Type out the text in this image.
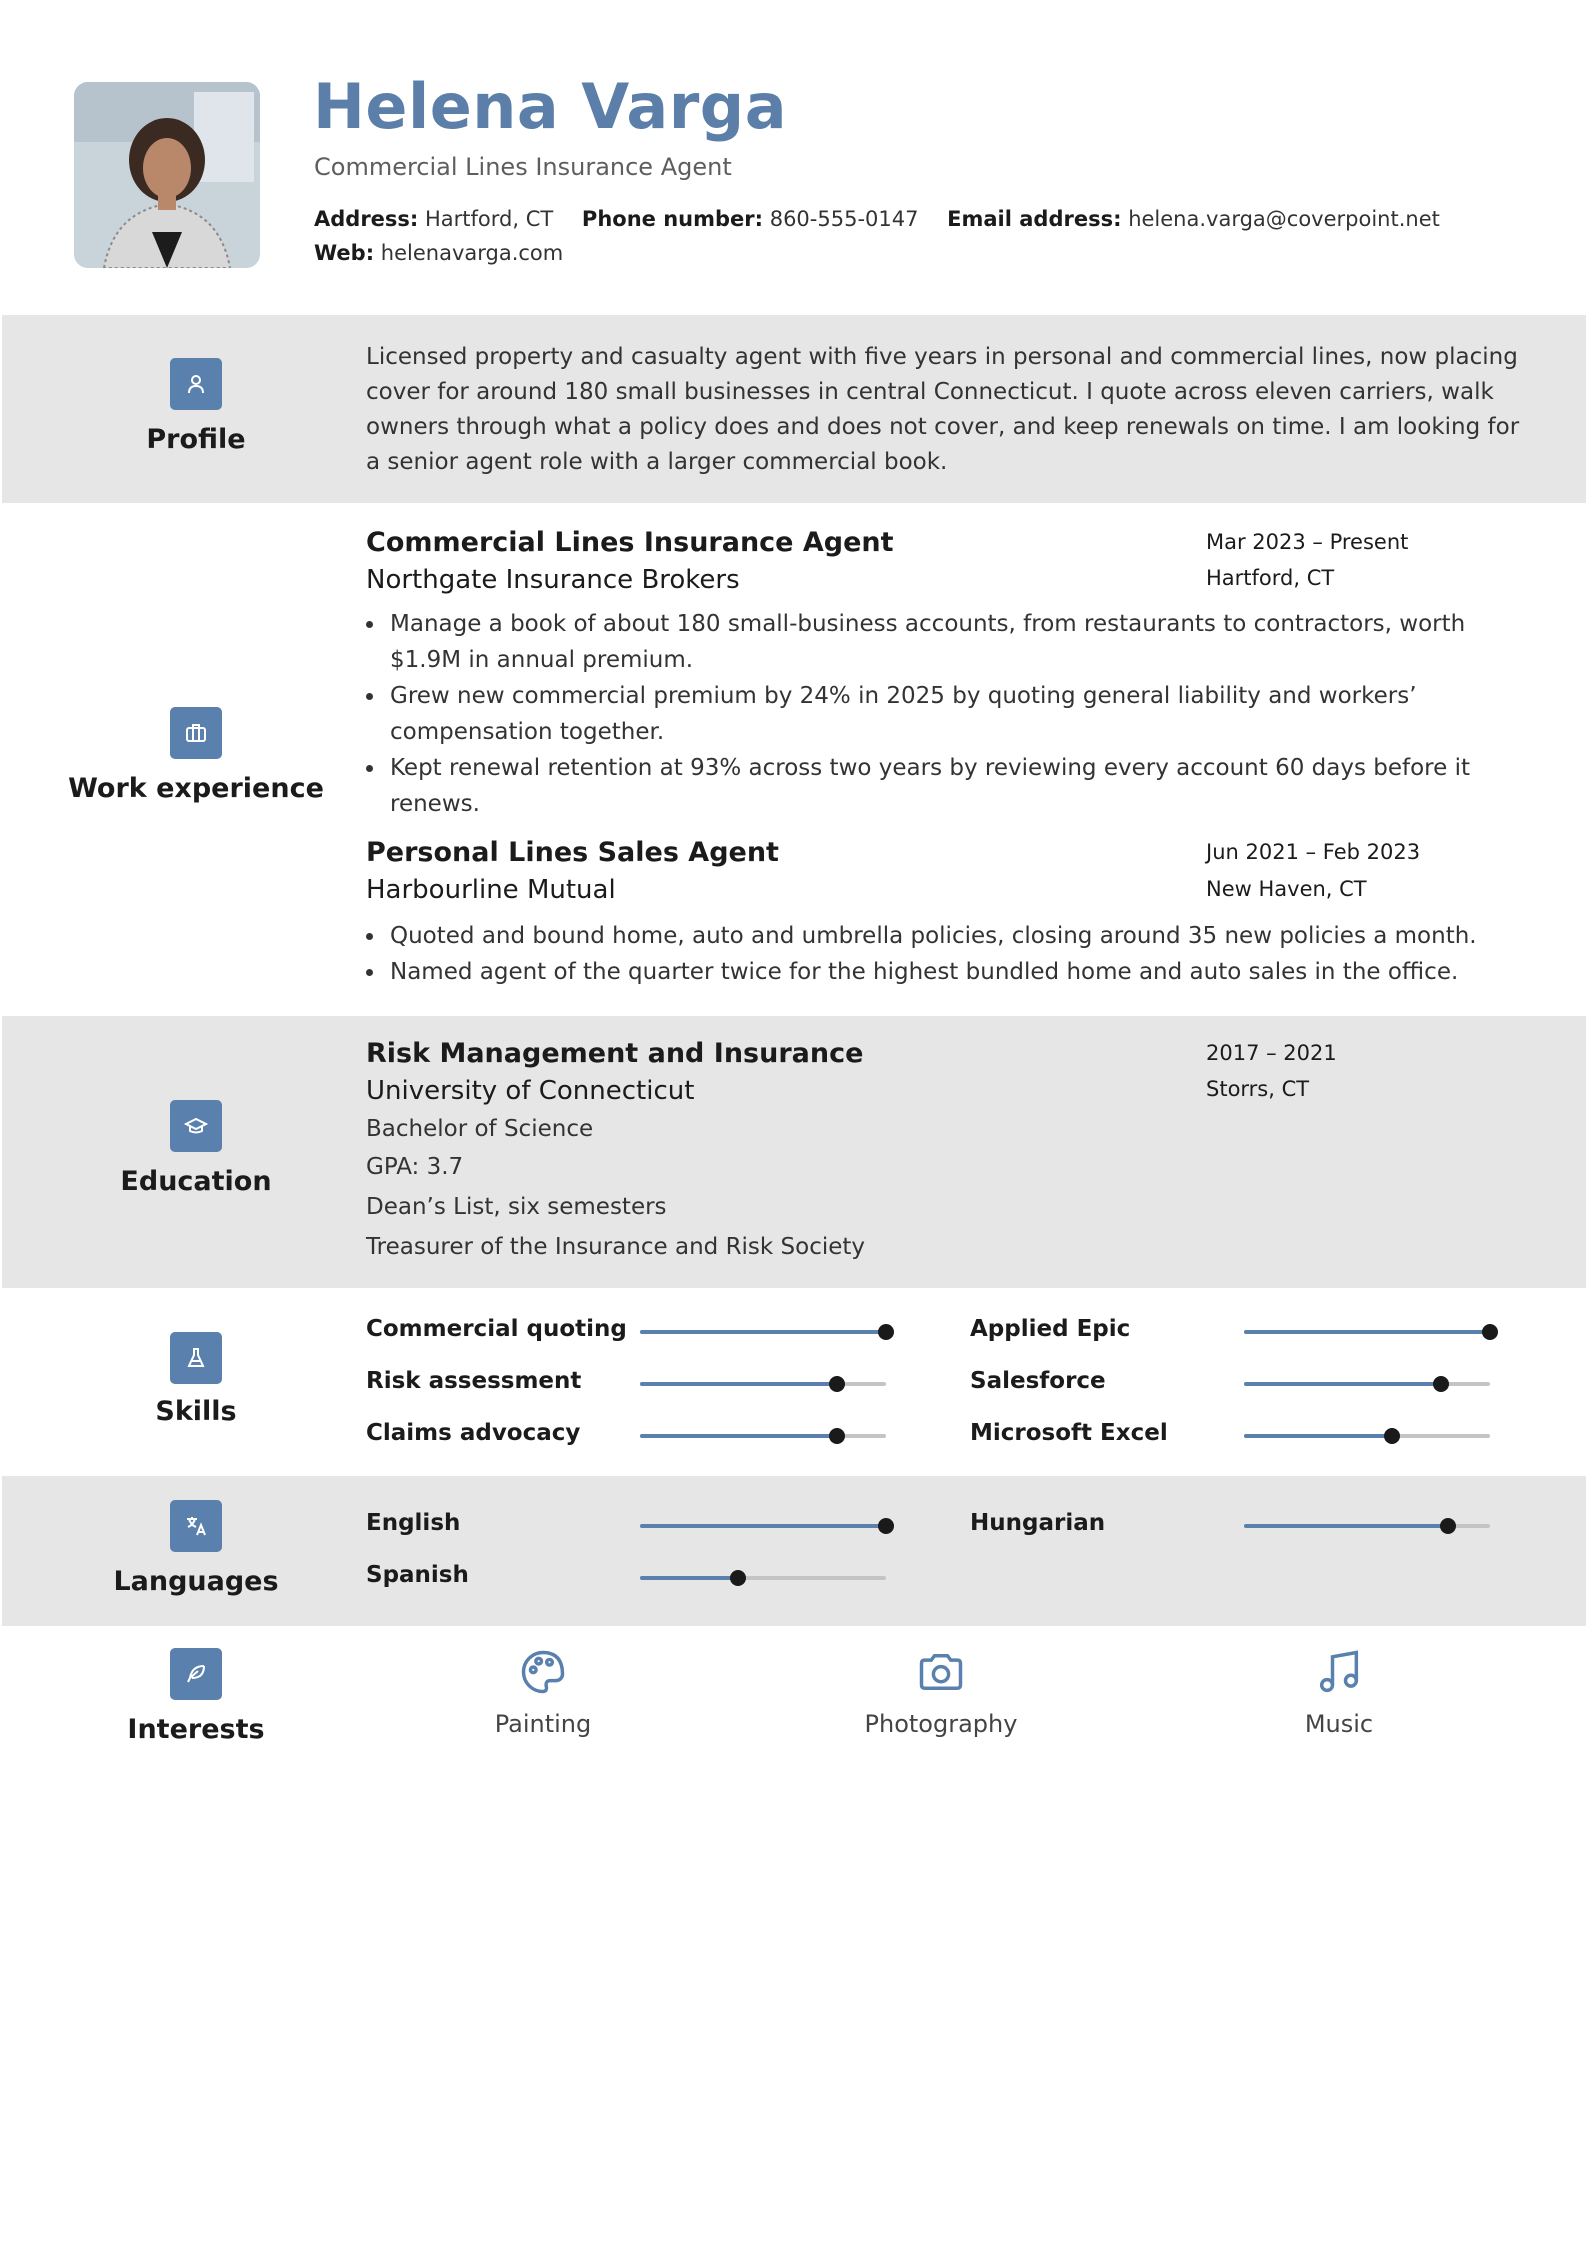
Helena Varga
Commercial Lines Insurance Agent
Address: Hartford, CT Phone number: 860-555-0147 Email address: helena.varga@coverpoint.net
Web: helenavarga.com
Profile
Licensed property and casualty agent with five years in personal and commercial lines, now placing
cover for around 180 small businesses in central Connecticut. I quote across eleven carriers, walk
owners through what a policy does and does not cover, and keep renewals on time. I am looking for
a senior agent role with a larger commercial book.
Work experience
Commercial Lines Insurance Agent
Northgate Insurance Brokers
Mar 2023 – Present
Hartford, CT
Manage a book of about 180 small-business accounts, from restaurants to contractors, worth
$1.9M in annual premium.
Grew new commercial premium by 24% in 2025 by quoting general liability and workers’
compensation together.
Kept renewal retention at 93% across two years by reviewing every account 60 days before it
renews.
Personal Lines Sales Agent
Harbourline Mutual
Jun 2021 – Feb 2023
New Haven, CT
Quoted and bound home, auto and umbrella policies, closing around 35 new policies a month.
Named agent of the quarter twice for the highest bundled home and auto sales in the office.
Education
Risk Management and Insurance
University of Connecticut
2017 – 2021
Storrs, CT
Bachelor of Science
GPA: 3.7
Dean’s List, six semesters
Treasurer of the Insurance and Risk Society
Skills
Commercial quoting	Applied Epic
Risk assessment	Salesforce
Claims advocacy	Microsoft Excel
Languages
English	Hungarian
Spanish
Interests	Painting	Photography	Music
